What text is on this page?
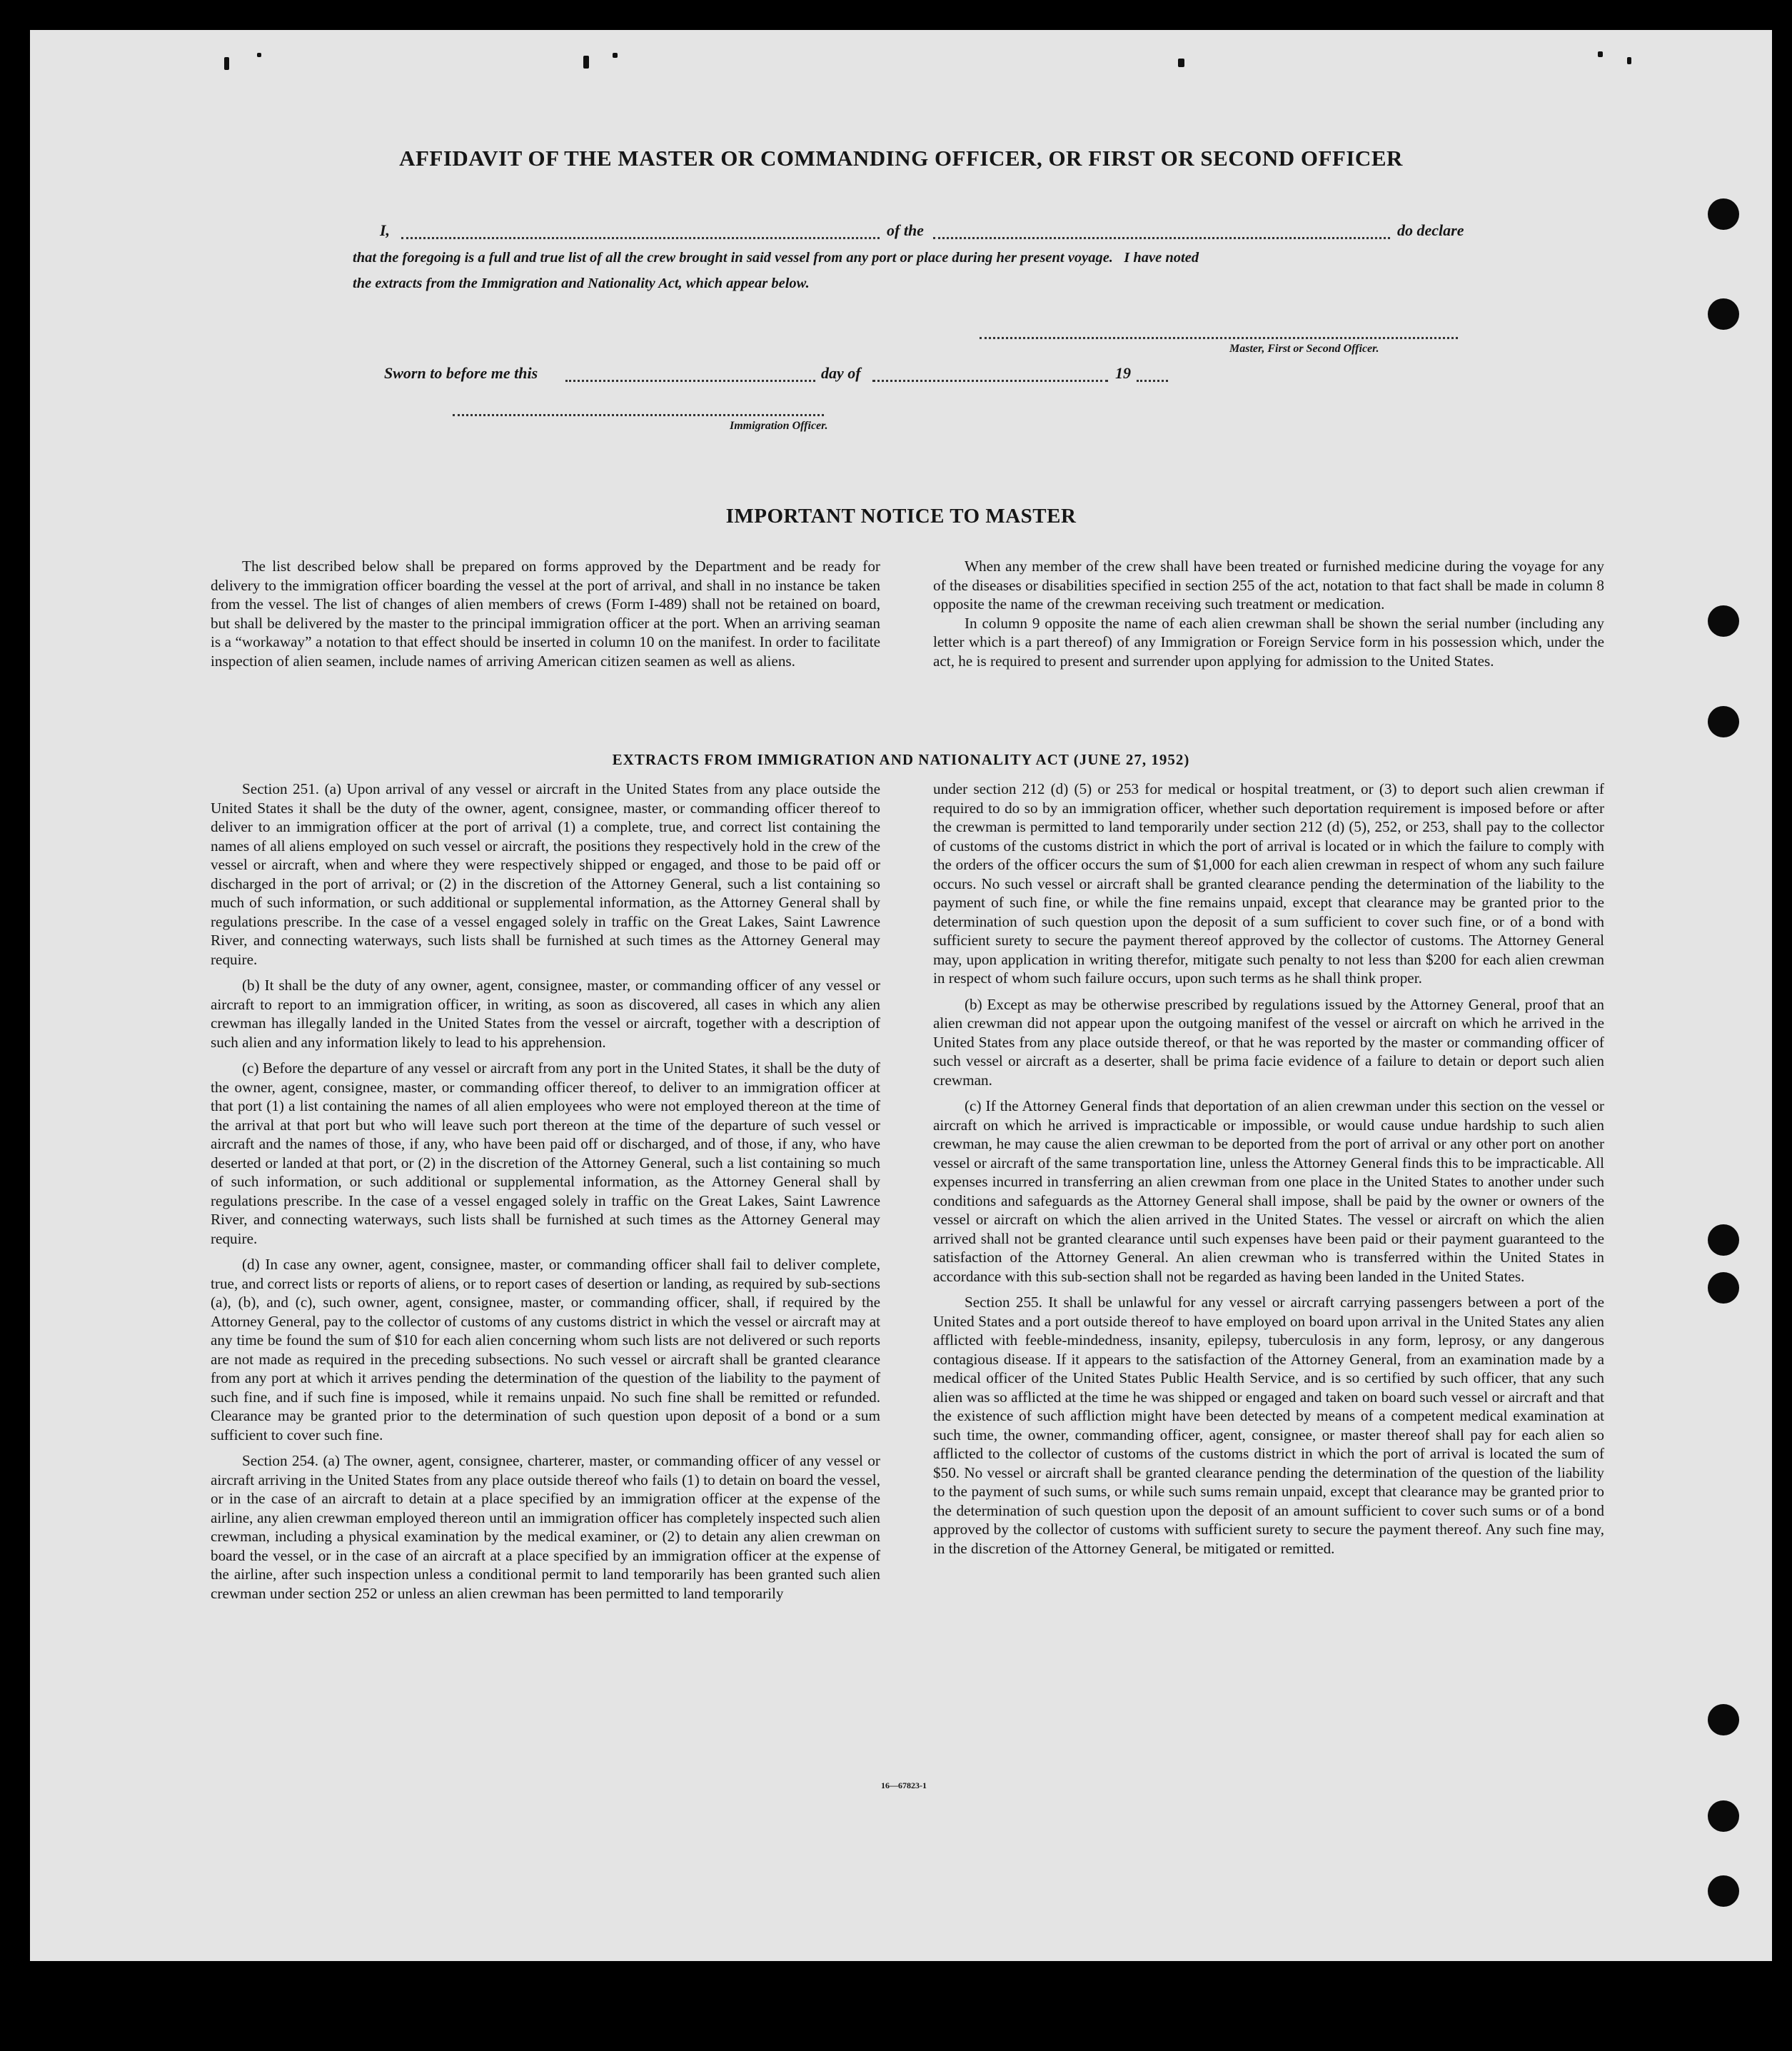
AFFIDAVIT OF THE MASTER OR COMMANDING OFFICER, OR FIRST OR SECOND OFFICER
I,	of the	do declare
that the foregoing is a full and true list of all the crew brought in said vessel from any port or place during her present voyage.   I have noted
the extracts from the Immigration and Nationality Act, which appear below.
Master, First or Second Officer.
Sworn to before me this	day of	19
Immigration Officer.
IMPORTANT NOTICE TO MASTER

The list described below shall be prepared on forms approved by the Department and be ready for delivery to the immigration officer boarding the vessel at the port of arrival, and shall in no instance be taken from the vessel. The list of changes of alien members of crews (Form I-489) shall not be retained on board, but shall be delivered by the master to the principal immigration officer at the port. When an arriving seaman is a “workaway” a notation to that effect should be inserted in column 10 on the manifest. In order to facilitate inspection of alien seamen, include names of arriving American citizen seamen as well as aliens.

When any member of the crew shall have been treated or furnished medicine during the voyage for any of the diseases or disabilities specified in section 255 of the act, notation to that fact shall be made in column 8 opposite the name of the crewman receiving such treatment or medication.

In column 9 opposite the name of each alien crewman shall be shown the serial number (including any letter which is a part thereof) of any Immigration or Foreign Service form in his possession which, under the act, he is required to present and surrender upon applying for admission to the United States.

EXTRACTS FROM IMMIGRATION AND NATIONALITY ACT (JUNE 27, 1952)

Section 251. (a) Upon arrival of any vessel or aircraft in the United States from any place outside the United States it shall be the duty of the owner, agent, consignee, master, or commanding officer thereof to deliver to an immigration officer at the port of arrival (1) a complete, true, and correct list containing the names of all aliens employed on such vessel or aircraft, the positions they respectively hold in the crew of the vessel or aircraft, when and where they were respectively shipped or engaged, and those to be paid off or discharged in the port of arrival; or (2) in the discretion of the Attorney General, such a list containing so much of such information, or such additional or supplemental information, as the Attorney General shall by regulations prescribe. In the case of a vessel engaged solely in traffic on the Great Lakes, Saint Lawrence River, and connecting waterways, such lists shall be furnished at such times as the Attorney General may require.

(b) It shall be the duty of any owner, agent, consignee, master, or commanding officer of any vessel or aircraft to report to an immigration officer, in writing, as soon as discovered, all cases in which any alien crewman has illegally landed in the United States from the vessel or aircraft, together with a description of such alien and any information likely to lead to his apprehension.

(c) Before the departure of any vessel or aircraft from any port in the United States, it shall be the duty of the owner, agent, consignee, master, or commanding officer thereof, to deliver to an immigration officer at that port (1) a list containing the names of all alien employees who were not employed thereon at the time of the arrival at that port but who will leave such port thereon at the time of the departure of such vessel or aircraft and the names of those, if any, who have been paid off or discharged, and of those, if any, who have deserted or landed at that port, or (2) in the discretion of the Attorney General, such a list containing so much of such information, or such additional or supplemental information, as the Attorney General shall by regulations prescribe. In the case of a vessel engaged solely in traffic on the Great Lakes, Saint Lawrence River, and connecting waterways, such lists shall be furnished at such times as the Attorney General may require.

(d) In case any owner, agent, consignee, master, or commanding officer shall fail to deliver complete, true, and correct lists or reports of aliens, or to report cases of desertion or landing, as required by sub-sections (a), (b), and (c), such owner, agent, consignee, master, or commanding officer, shall, if required by the Attorney General, pay to the collector of customs of any customs district in which the vessel or aircraft may at any time be found the sum of $10 for each alien concerning whom such lists are not delivered or such reports are not made as required in the preceding subsections. No such vessel or aircraft shall be granted clearance from any port at which it arrives pending the determination of the question of the liability to the payment of such fine, and if such fine is imposed, while it remains unpaid. No such fine shall be remitted or refunded. Clearance may be granted prior to the determination of such question upon deposit of a bond or a sum sufficient to cover such fine.

Section 254. (a) The owner, agent, consignee, charterer, master, or commanding officer of any vessel or aircraft arriving in the United States from any place outside thereof who fails (1) to detain on board the vessel, or in the case of an aircraft to detain at a place specified by an immigration officer at the expense of the airline, any alien crewman employed thereon until an immigration officer has completely inspected such alien crewman, including a physical examination by the medical examiner, or (2) to detain any alien crewman on board the vessel, or in the case of an aircraft at a place specified by an immigration officer at the expense of the airline, after such inspection unless a conditional permit to land temporarily has been granted such alien crewman under section 252 or unless an alien crewman has been permitted to land temporarily

under section 212 (d) (5) or 253 for medical or hospital treatment, or (3) to deport such alien crewman if required to do so by an immigration officer, whether such deportation requirement is imposed before or after the crewman is permitted to land temporarily under section 212 (d) (5), 252, or 253, shall pay to the collector of customs of the customs district in which the port of arrival is located or in which the failure to comply with the orders of the officer occurs the sum of $1,000 for each alien crewman in respect of whom any such failure occurs. No such vessel or aircraft shall be granted clearance pending the determination of the liability to the payment of such fine, or while the fine remains unpaid, except that clearance may be granted prior to the determination of such question upon the deposit of a sum sufficient to cover such fine, or of a bond with sufficient surety to secure the payment thereof approved by the collector of customs. The Attorney General may, upon application in writing therefor, mitigate such penalty to not less than $200 for each alien crewman in respect of whom such failure occurs, upon such terms as he shall think proper.

(b) Except as may be otherwise prescribed by regulations issued by the Attorney General, proof that an alien crewman did not appear upon the outgoing manifest of the vessel or aircraft on which he arrived in the United States from any place outside thereof, or that he was reported by the master or commanding officer of such vessel or aircraft as a deserter, shall be prima facie evidence of a failure to detain or deport such alien crewman.

(c) If the Attorney General finds that deportation of an alien crewman under this section on the vessel or aircraft on which he arrived is impracticable or impossible, or would cause undue hardship to such alien crewman, he may cause the alien crewman to be deported from the port of arrival or any other port on another vessel or aircraft of the same transportation line, unless the Attorney General finds this to be impracticable. All expenses incurred in transferring an alien crewman from one place in the United States to another under such conditions and safeguards as the Attorney General shall impose, shall be paid by the owner or owners of the vessel or aircraft on which the alien arrived in the United States. The vessel or aircraft on which the alien arrived shall not be granted clearance until such expenses have been paid or their payment guaranteed to the satisfaction of the Attorney General. An alien crewman who is transferred within the United States in accordance with this sub-section shall not be regarded as having been landed in the United States.

Section 255. It shall be unlawful for any vessel or aircraft carrying passengers between a port of the United States and a port outside thereof to have employed on board upon arrival in the United States any alien afflicted with feeble-mindedness, insanity, epilepsy, tuberculosis in any form, leprosy, or any dangerous contagious disease. If it appears to the satisfaction of the Attorney General, from an examination made by a medical officer of the United States Public Health Service, and is so certified by such officer, that any such alien was so afflicted at the time he was shipped or engaged and taken on board such vessel or aircraft and that the existence of such affliction might have been detected by means of a competent medical examination at such time, the owner, commanding officer, agent, consignee, or master thereof shall pay for each alien so afflicted to the collector of customs of the customs district in which the port of arrival is located the sum of $50. No vessel or aircraft shall be granted clearance pending the determination of the question of the liability to the payment of such sums, or while such sums remain unpaid, except that clearance may be granted prior to the determination of such question upon the deposit of an amount sufficient to cover such sums or of a bond approved by the collector of customs with sufficient surety to secure the payment thereof. Any such fine may, in the discretion of the Attorney General, be mitigated or remitted.

16—67823-1
